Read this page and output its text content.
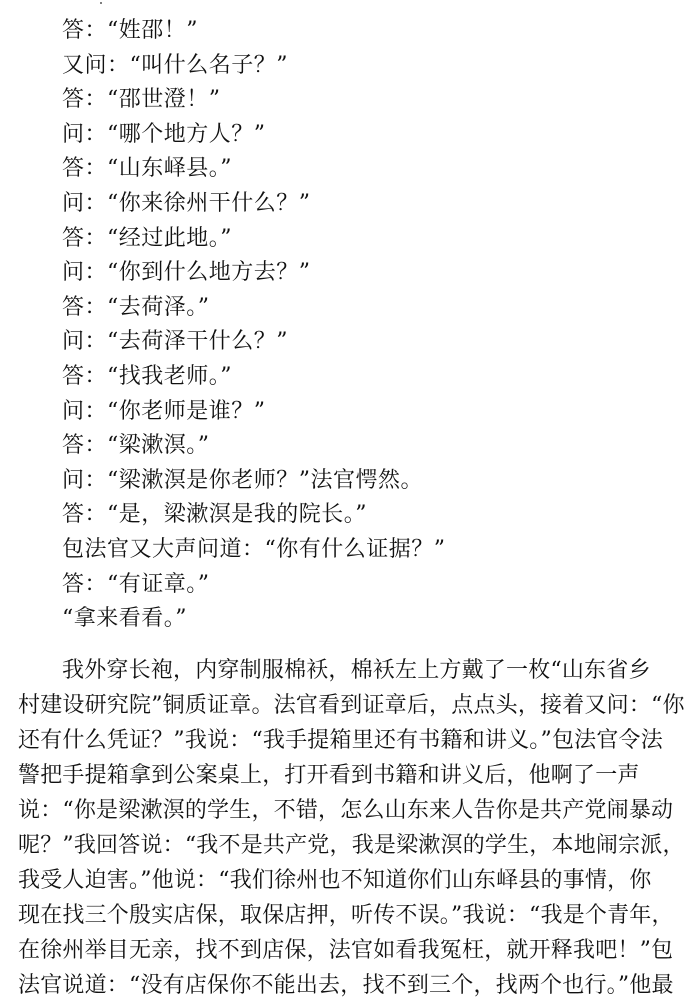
答：“姓邵！”
又问：“叫什么名子？”
答：“邵世澄！”
问：“哪个地方人？”
答：“山东峄县。”
问：“你来徐州干什么？”
答：“经过此地。”
问：“你到什么地方去？”
答：“去荷泽。”
问：“去荷泽干什么？”
答：“找我老师。”
问：“你老师是谁？”
答：“梁漱溟。”
问：“梁漱溟是你老师？”法官愕然。
答：“是，梁漱溟是我的院长。”
包法官又大声问道：“你有什么证据？”
答：“有证章。”
“拿来看看。”
我外穿长袍，内穿制服棉袄，棉袄左上方戴了一枚“山东省乡
村建设研究院”铜质证章。法官看到证章后，点点头，接着又问：“你
还有什么凭证？”我说：“我手提箱里还有书籍和讲义。”包法官令法
警把手提箱拿到公案桌上，打开看到书籍和讲义后，他啊了一声
说：“你是梁漱溟的学生，不错，怎么山东来人告你是共产党闹暴动
呢？”我回答说：“我不是共产党，我是梁漱溟的学生，本地闹宗派，
我受人迫害。”他说：“我们徐州也不知道你们山东峄县的事情，你
现在找三个殷实店保，取保店押，听传不误。”我说：“我是个青年，
在徐州举目无亲，找不到店保，法官如看我冤枉，就开释我吧！”包
法官说道：“没有店保你不能出去，找不到三个，找两个也行。”他最
